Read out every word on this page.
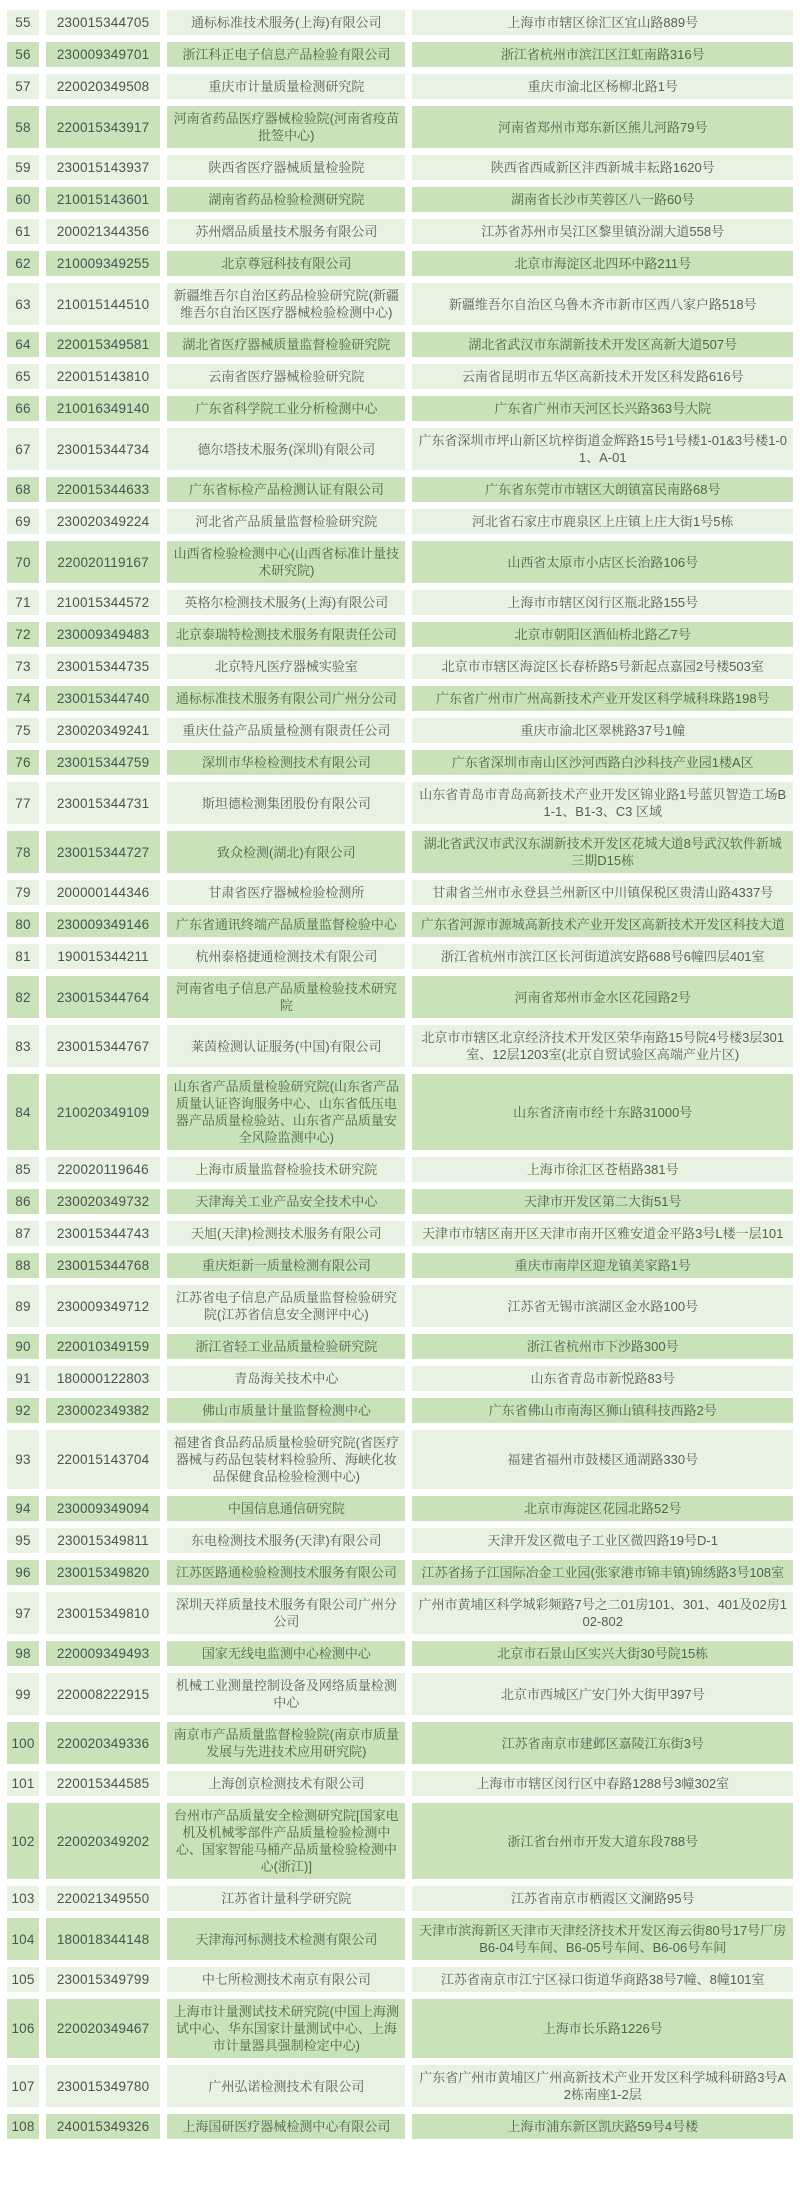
55	230015344705	通标标准技术服务(上海)有限公司	上海市市辖区徐汇区宜山路889号
56	230009349701	浙江科正电子信息产品检验有限公司	浙江省杭州市滨江区江虹南路316号
57	220020349508	重庆市计量质量检测研究院	重庆市渝北区杨柳北路1号
58	220015343917	河南省药品医疗器械检验院(河南省疫苗批签中心)	河南省郑州市郑东新区熊儿河路79号
59	230015143937	陕西省医疗器械质量检验院	陕西省西咸新区沣西新城丰耘路1620号
60	210015143601	湖南省药品检验检测研究院	湖南省长沙市芙蓉区八一路60号
61	200021344356	苏州熠品质量技术服务有限公司	江苏省苏州市吴江区黎里镇汾湖大道558号
62	210009349255	北京尊冠科技有限公司	北京市海淀区北四环中路211号
63	210015144510	新疆维吾尔自治区药品检验研究院(新疆维吾尔自治区医疗器械检验检测中心)	新疆维吾尔自治区乌鲁木齐市新市区西八家户路518号
64	220015349581	湖北省医疗器械质量监督检验研究院	湖北省武汉市东湖新技术开发区高新大道507号
65	220015143810	云南省医疗器械检验研究院	云南省昆明市五华区高新技术开发区科发路616号
66	210016349140	广东省科学院工业分析检测中心	广东省广州市天河区长兴路363号大院
67	230015344734	德尔塔技术服务(深圳)有限公司	广东省深圳市坪山新区坑梓街道金辉路15号1号楼1-01&3号楼1-01、A-01
68	220015344633	广东省标检产品检测认证有限公司	广东省东莞市市辖区大朗镇富民南路68号
69	230020349224	河北省产品质量监督检验研究院	河北省石家庄市鹿泉区上庄镇上庄大街1号5栋
70	220020119167	山西省检验检测中心(山西省标准计量技术研究院)	山西省太原市小店区长治路106号
71	210015344572	英格尔检测技术服务(上海)有限公司	上海市市辖区闵行区瓶北路155号
72	230009349483	北京泰瑞特检测技术服务有限责任公司	北京市朝阳区酒仙桥北路乙7号
73	230015344735	北京特凡医疗器械实验室	北京市市辖区海淀区长春桥路5号新起点嘉园2号楼503室
74	230015344740	通标标准技术服务有限公司广州分公司	广东省广州市广州高新技术产业开发区科学城科珠路198号
75	230020349241	重庆仕益产品质量检测有限责任公司	重庆市渝北区翠桃路37号1幢
76	230015344759	深圳市华检检测技术有限公司	广东省深圳市南山区沙河西路白沙科技产业园1楼A区
77	230015344731	斯坦德检测集团股份有限公司	山东省青岛市青岛高新技术产业开发区锦业路1号蓝贝智造工场B1-1、B1-3、C3 区域
78	230015344727	致众检测(湖北)有限公司	湖北省武汉市武汉东湖新技术开发区花城大道8号武汉软件新城三期D15栋
79	200000144346	甘肃省医疗器械检验检测所	甘肃省兰州市永登县兰州新区中川镇保税区贵清山路4337号
80	230009349146	广东省通讯终端产品质量监督检验中心	广东省河源市源城高新技术产业开发区高新技术开发区科技大道
81	190015344211	杭州泰格捷通检测技术有限公司	浙江省杭州市滨江区长河街道滨安路688号6幢四层401室
82	230015344764	河南省电子信息产品质量检验技术研究院	河南省郑州市金水区花园路2号
83	230015344767	莱茵检测认证服务(中国)有限公司	北京市市辖区北京经济技术开发区荣华南路15号院4号楼3层301室、12层1203室(北京自贸试验区高端产业片区)
84	210020349109	山东省产品质量检验研究院(山东省产品质量认证咨询服务中心、山东省低压电器产品质量检验站、山东省产品质量安全风险监测中心)	山东省济南市经十东路31000号
85	220020119646	上海市质量监督检验技术研究院	上海市徐汇区苍梧路381号
86	230020349732	天津海关工业产品安全技术中心	天津市开发区第二大街51号
87	230015344743	天旭(天津)检测技术服务有限公司	天津市市辖区南开区天津市南开区雅安道金平路3号L楼一层101
88	230015344768	重庆炬新一质量检测有限公司	重庆市南岸区迎龙镇美家路1号
89	230009349712	江苏省电子信息产品质量监督检验研究院(江苏省信息安全测评中心)	江苏省无锡市滨湖区金水路100号
90	220010349159	浙江省轻工业品质量检验研究院	浙江省杭州市下沙路300号
91	180000122803	青岛海关技术中心	山东省青岛市新悦路83号
92	230002349382	佛山市质量计量监督检测中心	广东省佛山市南海区狮山镇科技西路2号
93	220015143704	福建省食品药品质量检验研究院(省医疗器械与药品包装材料检验所、海峡化妆品保健食品检验检测中心)	福建省福州市鼓楼区通湖路330号
94	230009349094	中国信息通信研究院	北京市海淀区花园北路52号
95	230015349811	东电检测技术服务(天津)有限公司	天津开发区微电子工业区微四路19号D-1
96	230015349820	江苏医路通检验检测技术服务有限公司	江苏省扬子江国际冶金工业园(张家港市锦丰镇)锦绣路3号108室
97	230015349810	深圳天祥质量技术服务有限公司广州分公司	广州市黄埔区科学城彩频路7号之二01房101、301、401及02房102-802
98	220009349493	国家无线电监测中心检测中心	北京市石景山区实兴大街30号院15栋
99	220008222915	机械工业测量控制设备及网络质量检测中心	北京市西城区广安门外大街甲397号
100	220020349336	南京市产品质量监督检验院(南京市质量发展与先进技术应用研究院)	江苏省南京市建邺区嘉陵江东街3号
101	220015344585	上海创京检测技术有限公司	上海市市辖区闵行区中春路1288号3幢302室
102	220020349202	台州市产品质量安全检测研究院[国家电机及机械零部件产品质量检验检测中心、国家智能马桶产品质量检验检测中心(浙江)]	浙江省台州市开发大道东段788号
103	220021349550	江苏省计量科学研究院	江苏省南京市栖霞区文澜路95号
104	180018344148	天津海河标测技术检测有限公司	天津市滨海新区天津市天津经济技术开发区海云街80号17号厂房B6-04号车间、B6-05号车间、B6-06号车间
105	230015349799	中七所检测技术南京有限公司	江苏省南京市江宁区禄口街道华商路38号7幢、8幢101室
106	220020349467	上海市计量测试技术研究院(中国上海测试中心、华东国家计量测试中心、上海市计量器具强制检定中心)	上海市长乐路1226号
107	230015349780	广州弘诺检测技术有限公司	广东省广州市黄埔区广州高新技术产业开发区科学城科研路3号A2栋南座1-2层
108	240015349326	上海国研医疗器械检测中心有限公司	上海市浦东新区凯庆路59号4号楼
